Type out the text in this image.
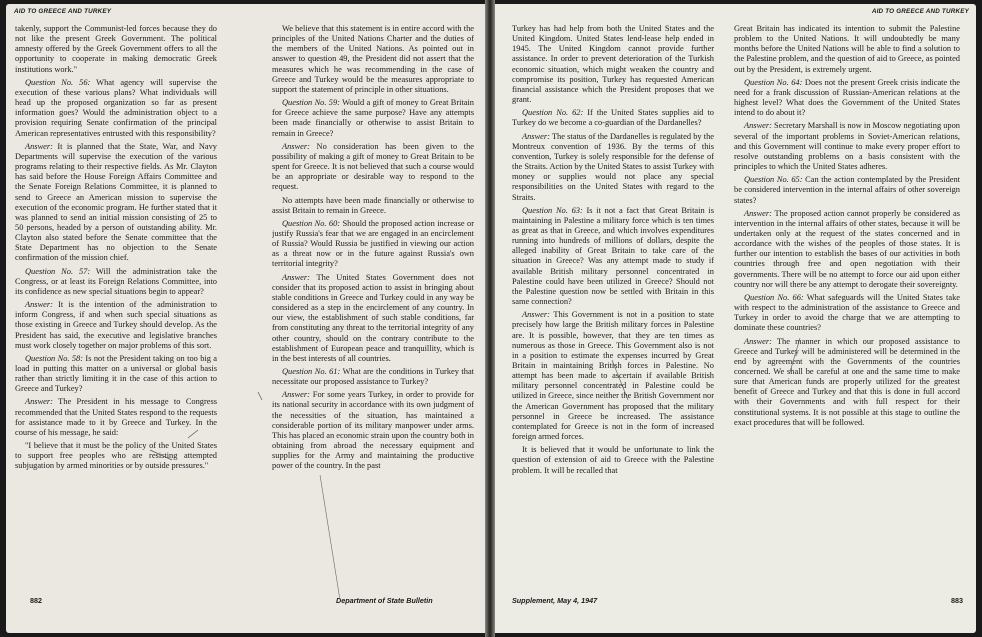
AID TO GREECE AND TURKEY

takenly, support the Communist-led forces because they do not like the present Greek Government. The political amnesty offered by the Greek Government offers to all the opportunity to cooperate in making democratic Greek institutions work."

Question No. 56: What agency will supervise the execution of these various plans? What individuals will head up the proposed organization so far as present information goes? Would the administration object to a provision requiring Senate confirmation of the principal American representatives entrusted with this responsibility?

Answer: It is planned that the State, War, and Navy Departments will supervise the execution of the various programs relating to their respective fields. As Mr. Clayton has said before the House Foreign Affairs Committee and the Senate Foreign Relations Committee, it is planned to send to Greece an American mission to supervise the execution of the economic program. He further stated that it was planned to send an initial mission consisting of 25 to 50 persons, headed by a person of outstanding ability. Mr. Clayton also stated before the Senate committee that the State Department has no objection to the Senate confirmation of the mission chief.

Question No. 57: Will the administration take the Congress, or at least its Foreign Relations Committee, into its confidence as new special situations begin to appear?

Answer: It is the intention of the administration to inform Congress, if and when such special situations as those existing in Greece and Turkey should develop. As the President has said, the executive and legislative branches must work closely together on major problems of this sort.

Question No. 58: Is not the President taking on too big a load in putting this matter on a universal or global basis rather than strictly limiting it in the case of this action to Greece and Turkey?

Answer: The President in his message to Congress recommended that the United States respond to the requests for assistance made to it by Greece and Turkey. In the course of his message, he said:

"I believe that it must be the policy of the United States to support free peoples who are resisting attempted subjugation by armed minorities or by outside pressures."

We believe that this statement is in entire accord with the principles of the United Nations Charter and the duties of the members of the United Nations. As pointed out in answer to question 49, the President did not assert that the measures which he was recommending in the case of Greece and Turkey would be the measures appropriate to support the statement of principle in other situations.

Question No. 59: Would a gift of money to Great Britain for Greece achieve the same purpose? Have any attempts been made financially or otherwise to assist Britain to remain in Greece?

Answer: No consideration has been given to the possibility of making a gift of money to Great Britain to be spent for Greece. It is not believed that such a course would be an appropriate or desirable way to respond to the request.

No attempts have been made financially or otherwise to assist Britain to remain in Greece.

Question No. 60: Should the proposed action increase or justify Russia's fear that we are engaged in an encirclement of Russia? Would Russia be justified in viewing our action as a threat now or in the future against Russia's own territorial integrity?

Answer: The United States Government does not consider that its proposed action to assist in bringing about stable conditions in Greece and Turkey could in any way be considered as a step in the encirclement of any country. In our view, the establishment of such stable conditions, far from constituting any threat to the territorial integrity of any other country, should on the contrary contribute to the establishment of European peace and tranquillity, which is in the best interests of all countries.

Question No. 61: What are the conditions in Turkey that necessitate our proposed assistance to Turkey?

Answer: For some years Turkey, in order to provide for its national security in accordance with its own judgment of the necessities of the situation, has maintained a considerable portion of its military manpower under arms. This has placed an economic strain upon the country both in obtaining from abroad the necessary equipment and supplies for the Army and maintaining the productive power of the country. In the past

882	Department of State Bulletin
AID TO GREECE AND TURKEY

Turkey has had help from both the United States and the United Kingdom. United States lend-lease help ended in 1945. The United Kingdom cannot provide further assistance. In order to prevent deterioration of the Turkish economic situation, which might weaken the country and compromise its position, Turkey has requested American financial assistance which the President proposes that we grant.

Question No. 62: If the United States supplies aid to Turkey do we become a co-guardian of the Dardanelles?

Answer: The status of the Dardanelles is regulated by the Montreux convention of 1936. By the terms of this convention, Turkey is solely responsible for the defense of the Straits. Action by the United States to assist Turkey with money or supplies would not place any special responsibilities on the United States with regard to the Straits.

Question No. 63: Is it not a fact that Great Britain is maintaining in Palestine a military force which is ten times as great as that in Greece, and which involves expenditures running into hundreds of millions of dollars, despite the alleged inability of Great Britain to take care of the situation in Greece? Was any attempt made to study if available British military personnel concentrated in Palestine could have been utilized in Greece? Should not the Palestine question now be settled with Britain in this same connection?

Answer: This Government is not in a position to state precisely how large the British military forces in Palestine are. It is possible, however, that they are ten times as numerous as those in Greece. This Government also is not in a position to estimate the expenses incurred by Great Britain in maintaining British forces in Palestine. No attempt has been made to ascertain if available British military personnel concentrated in Palestine could be utilized in Greece, since neither the British Government nor the American Government has proposed that the military personnel in Greece be increased. The assistance contemplated for Greece is not in the form of increased foreign armed forces.

It is believed that it would be unfortunate to link the question of extension of aid to Greece with the Palestine problem. It will be recalled that

Great Britain has indicated its intention to submit the Palestine problem to the United Nations. It will undoubtedly be many months before the United Nations will be able to find a solution to the Palestine problem, and the question of aid to Greece, as pointed out by the President, is extremely urgent.

Question No. 64: Does not the present Greek crisis indicate the need for a frank discussion of Russian-American relations at the highest level? What does the Government of the United States intend to do about it?

Answer: Secretary Marshall is now in Moscow negotiating upon several of the important problems in Soviet-American relations, and this Government will continue to make every proper effort to resolve outstanding problems on a basis consistent with the principles to which the United States adheres.

Question No. 65: Can the action contemplated by the President be considered intervention in the internal affairs of other sovereign states?

Answer: The proposed action cannot properly be considered as intervention in the internal affairs of other states, because it will be undertaken only at the request of the states concerned and in accordance with the wishes of the peoples of those states. It is further our intention to establish the bases of our activities in both countries through free and open negotiation with their governments. There will be no attempt to force our aid upon either country nor will there be any attempt to derogate their sovereignty.

Question No. 66: What safeguards will the United States take with respect to the administration of the assistance to Greece and Turkey in order to avoid the charge that we are attempting to dominate these countries?

Answer: The manner in which our proposed assistance to Greece and Turkey will be administered will be determined in the end by agreement with the Governments of the countries concerned. We shall be careful at one and the same time to make sure that American funds are properly utilized for the greatest benefit of Greece and Turkey and that this is done in full accord with their Governments and with full respect for their constitutional systems. It is not possible at this stage to outline the exact procedures that will be followed.

Supplement, May 4, 1947	883
